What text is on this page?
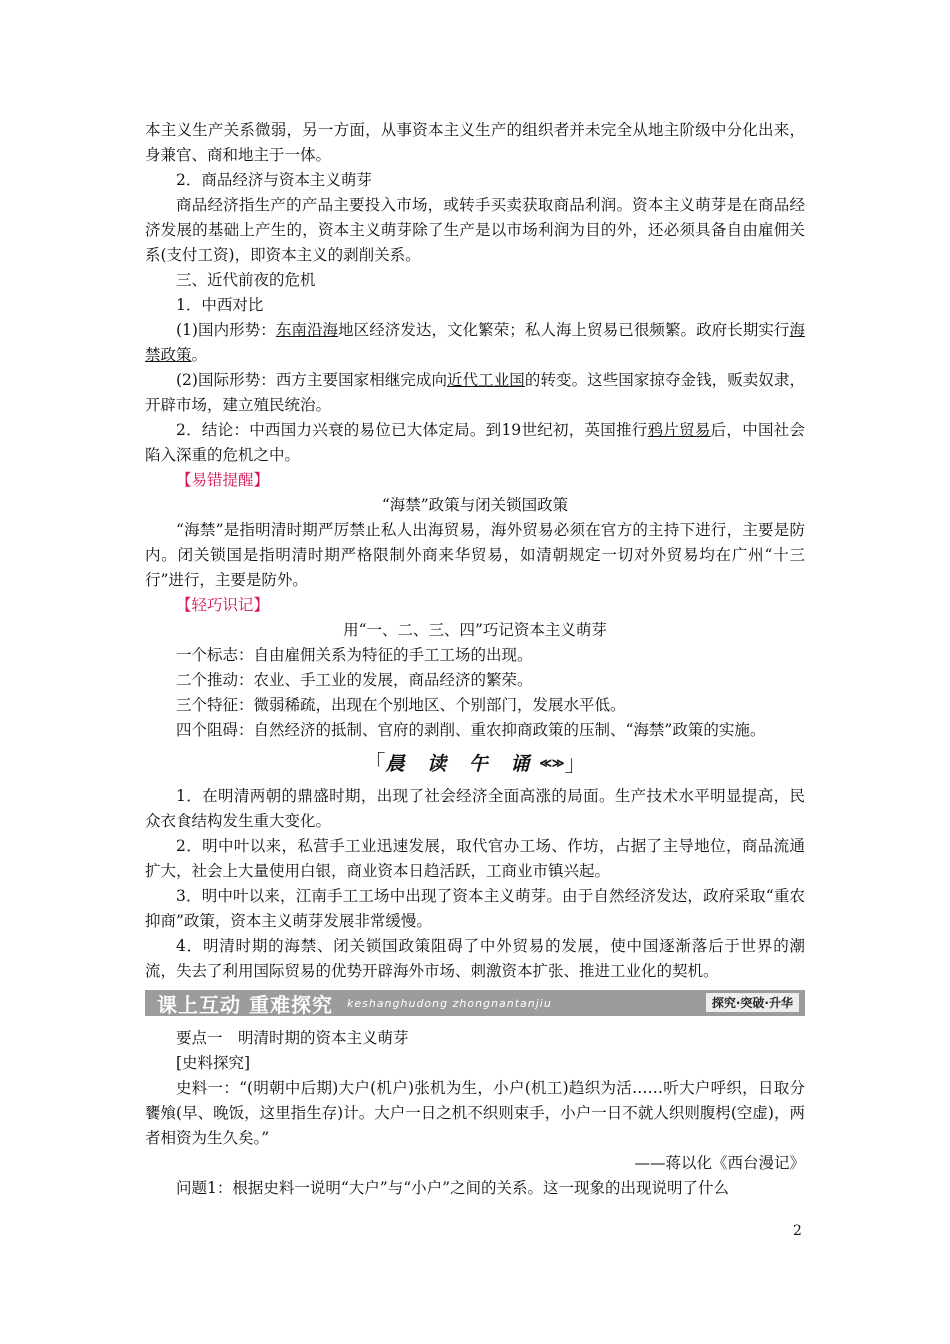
本主义生产关系微弱，另一方面，从事资本主义生产的组织者并未完全从地主阶级中分化出来，身兼官、商和地主于一体。

2．商品经济与资本主义萌芽

商品经济指生产的产品主要投入市场，或转手买卖获取商品利润。资本主义萌芽是在商品经济发展的基础上产生的，资本主义萌芽除了生产是以市场利润为目的外，还必须具备自由雇佣关系(支付工资)，即资本主义的剥削关系。

三、近代前夜的危机

1．中西对比

(1)国内形势：东南沿海地区经济发达，文化繁荣；私人海上贸易已很频繁。政府长期实行海禁政策。

(2)国际形势：西方主要国家相继完成向近代工业国的转变。这些国家掠夺金钱，贩卖奴隶，开辟市场，建立殖民统治。

2．结论：中西国力兴衰的易位已大体定局。到19世纪初，英国推行鸦片贸易后，中国社会陷入深重的危机之中。

【易错提醒】

“海禁”政策与闭关锁国政策

“海禁”是指明清时期严厉禁止私人出海贸易，海外贸易必须在官方的主持下进行，主要是防内。闭关锁国是指明清时期严格限制外商来华贸易，如清朝规定一切对外贸易均在广州“十三行”进行，主要是防外。

【轻巧识记】

用“一、二、三、四”巧记资本主义萌芽

一个标志：自由雇佣关系为特征的手工工场的出现。

二个推动：农业、手工业的发展，商品经济的繁荣。

三个特征：微弱稀疏，出现在个别地区、个别部门，发展水平低。

四个阻碍：自然经济的抵制、官府的剥削、重农抑商政策的压制、“海禁”政策的实施。

「 晨 读 午 诵 ≪≫ 」

1．在明清两朝的鼎盛时期，出现了社会经济全面高涨的局面。生产技术水平明显提高，民众衣食结构发生重大变化。

2．明中叶以来，私营手工业迅速发展，取代官办工场、作坊，占据了主导地位，商品流通扩大，社会上大量使用白银，商业资本日趋活跃，工商业市镇兴起。

3．明中叶以来，江南手工工场中出现了资本主义萌芽。由于自然经济发达，政府采取“重农抑商”政策，资本主义萌芽发展非常缓慢。

4．明清时期的海禁、闭关锁国政策阻碍了中外贸易的发展，使中国逐渐落后于世界的潮流，失去了利用国际贸易的优势开辟海外市场、刺激资本扩张、推进工业化的契机。

课上互动 重难探究 keshanghudong zhongnantanjiu	探究·突破·升华

要点一　明清时期的资本主义萌芽

[史料探究]

史料一：“(明朝中后期)大户(机户)张机为生，小户(机工)趋织为活……听大户呼织，日取分饔飧(早、晚饭，这里指生存)计。大户一日之机不织则束手，小户一日不就人织则腹枵(空虚)，两者相资为生久矣。”

——蒋以化《西台漫记》

问题1：根据史料一说明“大户”与“小户”之间的关系。这一现象的出现说明了什么

2
